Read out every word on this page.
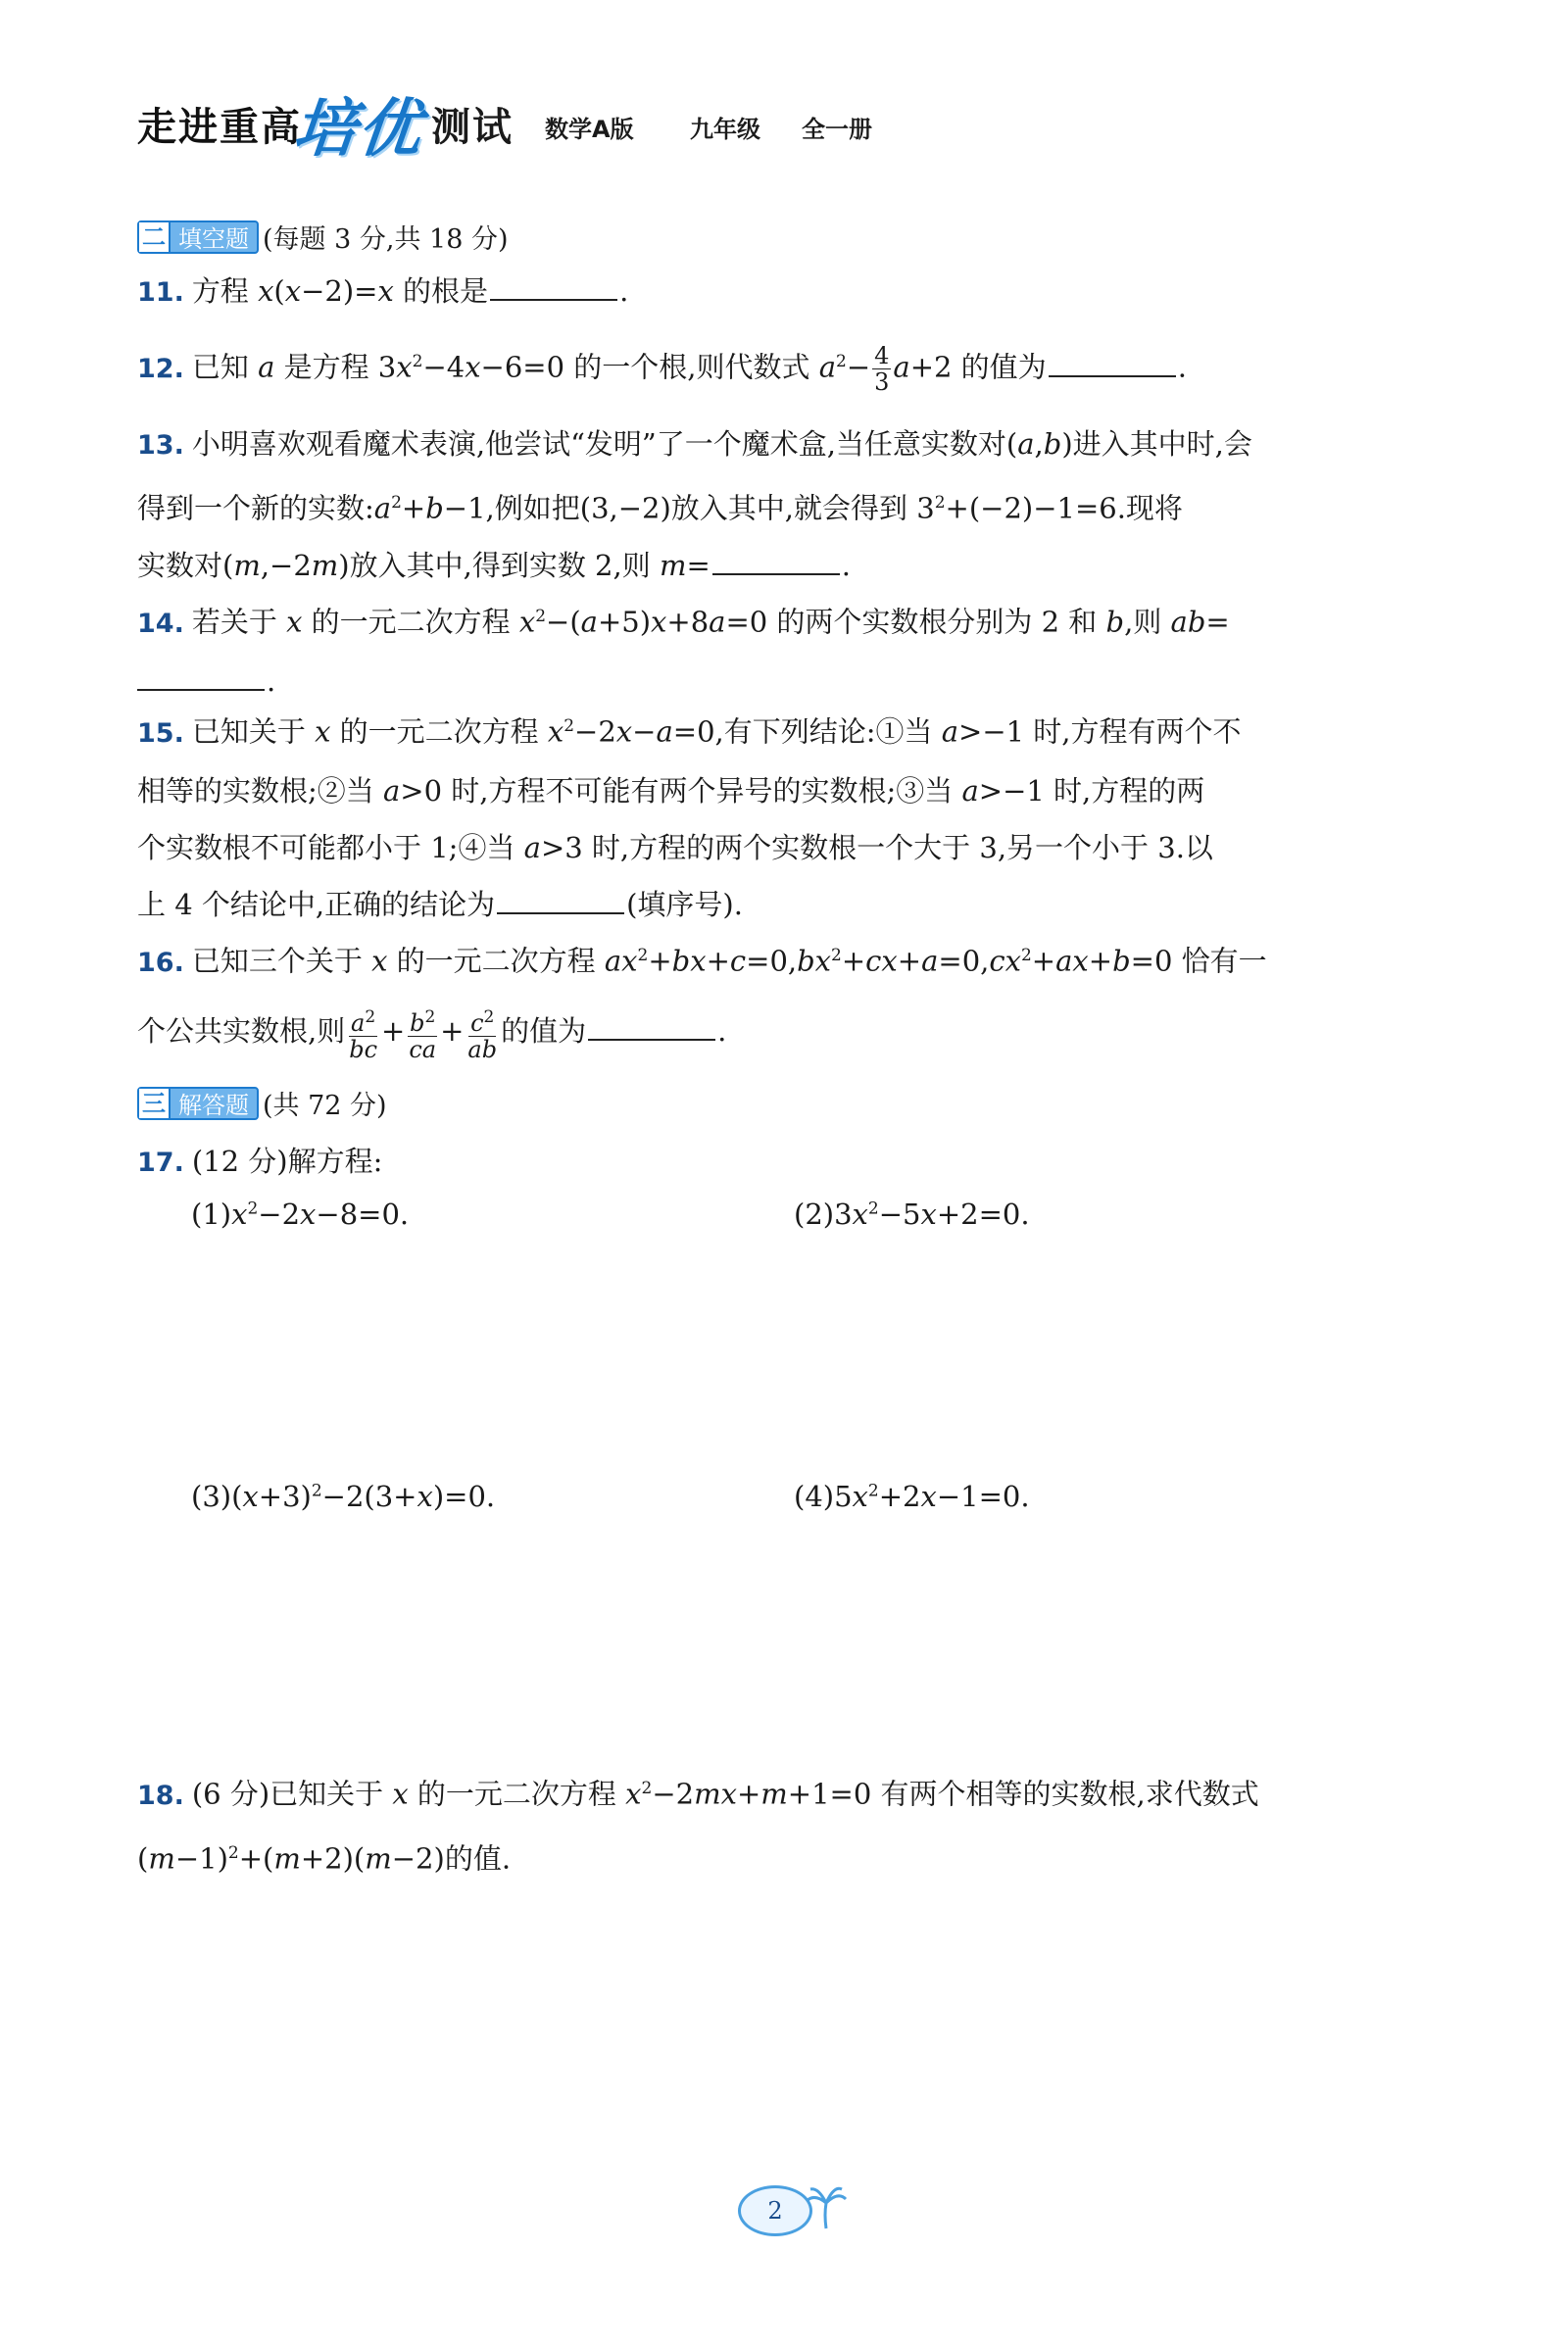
走进重高
培优 测试 数学A版 九年级 全一册
二 填空题 (每题 3 分,共 18 分)
11. 方程 x(x−2)=x 的根是	.
12. 已知 a 是方程 $3x^2-4x-6=0$ 的一个根,则代数式 $a^2- \frac{4}{3} a+2$ 的值为	.
13. 小明喜欢观看魔术表演,他尝试“发明”了一个魔术盒,当任意实数对(a,b)进入其中时,会
得到一个新的实数$:a^2+b-1$,例如把(3,−2)放入其中,就会得到 $3^2+(-2)-1=6$.现将
实数对(m,−2m)放入其中,得到实数 2,则 m=	.
14. 若关于 x 的一元二次方程 $x^2-(a+5)x+8a=0$ 的两个实数根分别为 2 和 b,则 ab=
.
15. 已知关于 x 的一元二次方程 $x^2-2x-a=0$,有下列结论:①当 a>−1 时,方程有两个不
相等的实数根;②当 a>0 时,方程不可能有两个异号的实数根;③当 a>−1 时,方程的两
个实数根不可能都小于 1;④当 a>3 时,方程的两个实数根一个大于 3,另一个小于 3.以
上 4 个结论中,正确的结论为	(填序号).
16. 已知三个关于 x 的一元二次方程 $ax^2+bx+c=0,bx^2+cx+a=0,cx^2+ax+b=0$ 恰有一
个公共实数根,则 $\frac{a^2}{bc} + \frac{b^2}{ca} + \frac{c^2}{ab}$ 的值为	.
三 解答题 (共 72 分)
17. (12 分)解方程:
$(1)x^2-2x-8=0$.	$(2)3x^2-5x+2=0$.
$(3)(x+3)^2-2(3+x)=0$.	$(4)5x^2+2x-1=0$.
18. (6 分)已知关于 x 的一元二次方程 $x^2-2mx+m+1=0$ 有两个相等的实数根,求代数式
$(m-1)^2+(m+2)(m-2)$的值.
2
